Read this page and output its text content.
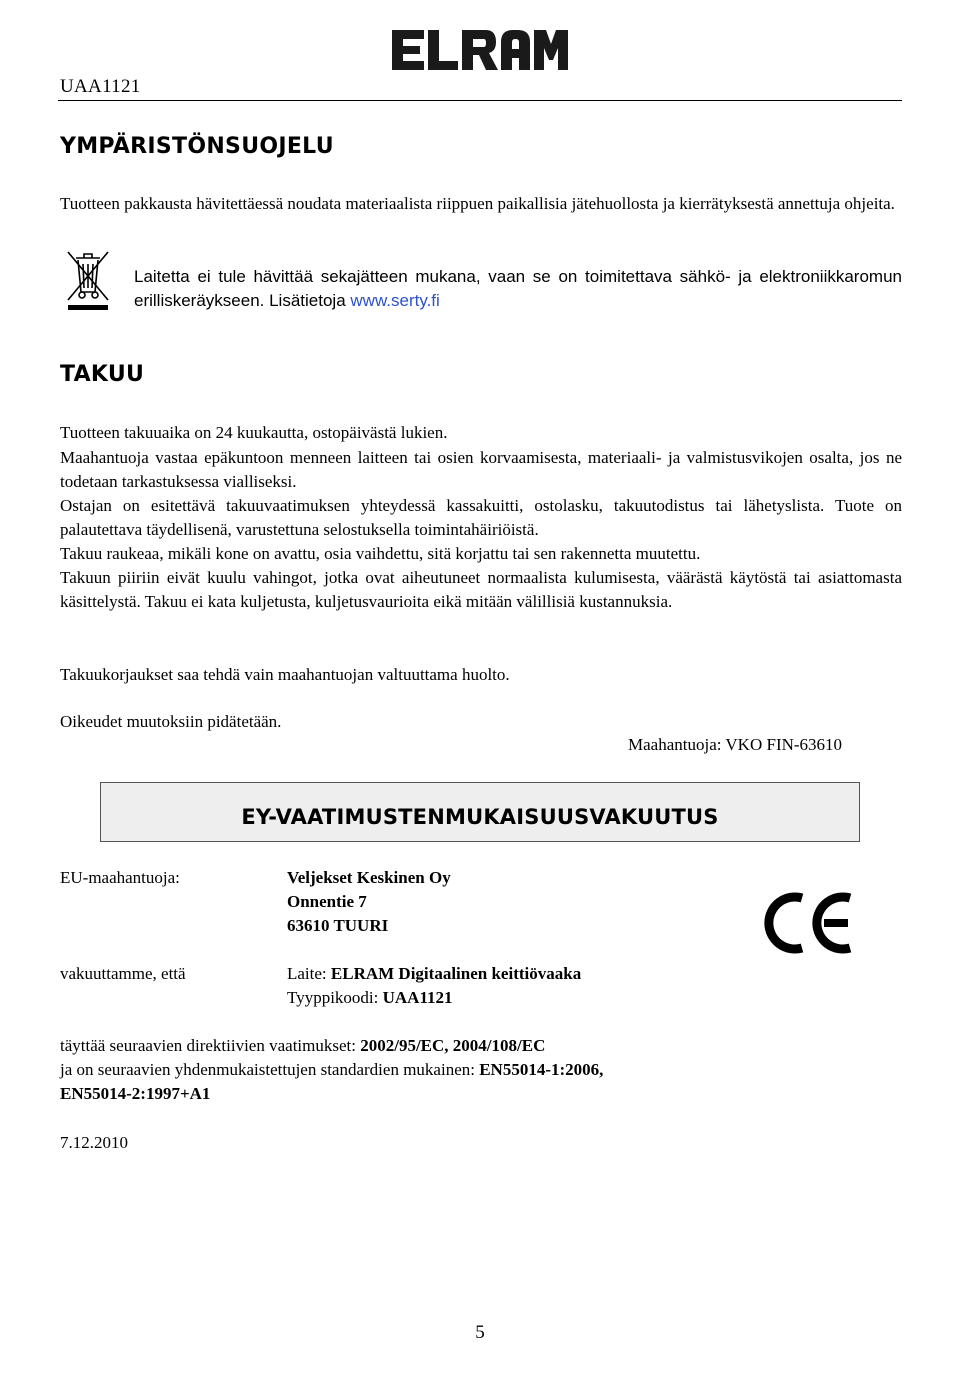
UAA1121
YMPÄRISTÖNSUOJELU
Tuotteen pakkausta hävitettäessä noudata materiaalista riippuen paikallisia jätehuollosta ja kierrätyksestä annettuja ohjeita.
Laitetta ei tule hävittää sekajätteen mukana, vaan se on toimitettava sähkö- ja elektroniikkaromun erilliskeräykseen. Lisätietoja www.serty.fi
TAKUU
Tuotteen takuuaika on 24 kuukautta, ostopäivästä lukien.
Maahantuoja vastaa epäkuntoon menneen laitteen tai osien korvaamisesta, materiaali- ja valmistusvikojen osalta, jos ne todetaan tarkastuksessa vialliseksi.
Ostajan on esitettävä takuuvaatimuksen yhteydessä kassakuitti, ostolasku, takuutodistus tai lähetyslista. Tuote on palautettava täydellisenä, varustettuna selostuksella toimintahäiriöistä.
Takuu raukeaa, mikäli kone on avattu, osia vaihdettu, sitä korjattu tai sen rakennetta muutettu.
Takuun piiriin eivät kuulu vahingot, jotka ovat aiheutuneet normaalista kulumisesta, väärästä käytöstä tai asiattomasta käsittelystä. Takuu ei kata kuljetusta, kuljetusvaurioita eikä mitään välillisiä kustannuksia.
Takuukorjaukset saa tehdä vain maahantuojan valtuuttama huolto.
Oikeudet muutoksiin pidätetään.
Maahantuoja: VKO FIN-63610
EY-VAATIMUSTENMUKAISUUSVAKUUTUS
EU-maahantuoja:	Veljekset Keskinen Oy
Onnentie 7
63610 TUURI
vakuuttamme, että	Laite: ELRAM Digitaalinen keittiövaaka
Tyyppikoodi: UAA1121
täyttää seuraavien direktiivien vaatimukset: 2002/95/EC, 2004/108/EC
ja on seuraavien yhdenmukaistettujen standardien mukainen: EN55014-1:2006,
EN55014-2:1997+A1
7.12.2010
5
